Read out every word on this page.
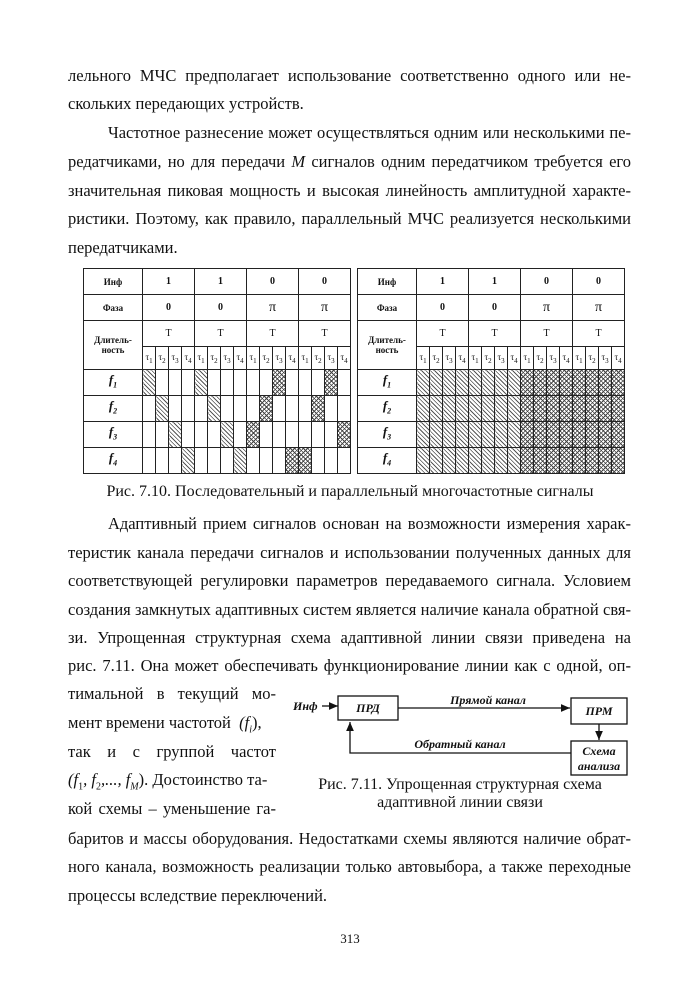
лельного МЧС предполагает использование соответственно одного или не-
скольких передающих устройств.
Частотное разнесение может осуществляться одним или несколькими пе-
редатчиками, но для передачи M сигналов одним передатчиком требуется его
значительная пиковая мощность и высокая линейность амплитудной характе-
ристики. Поэтому, как правило, параллельный МЧС реализуется несколькими
передатчиками.
Инф	1				1				0				0			
Фаза	0				0				π				π			
Длитель-ность	T				T				T				T			
	$\tau_1$	$\tau_2$	$\tau_3$	$\tau_4$	$\tau_1$	$\tau_2$	$\tau_3$	$\tau_4$	$\tau_1$	$\tau_2$	$\tau_3$	$\tau_4$	$\tau_1$	$\tau_2$	$\tau_3$	$\tau_4$
$f_1$																
$f_2$																
$f_3$																
$f_4$																
Инф	1				1				0				0			
Фаза	0				0				π				π			
Длитель-ность	T				T				T				T			
	$\tau_1$	$\tau_2$	$\tau_3$	$\tau_4$	$\tau_1$	$\tau_2$	$\tau_3$	$\tau_4$	$\tau_1$	$\tau_2$	$\tau_3$	$\tau_4$	$\tau_1$	$\tau_2$	$\tau_3$	$\tau_4$
$f_1$																
$f_2$																
$f_3$																
$f_4$																
Рис. 7.10. Последовательный и параллельный многочастотные сигналы
Адаптивный прием сигналов основан на возможности измерения харак-
теристик канала передачи сигналов и использовании полученных данных для
соответствующей регулировки параметров передаваемого сигнала. Условием
создания замкнутых адаптивных систем является наличие канала обратной свя-
зи. Упрощенная структурная схема адаптивной линии связи приведена на
рис. 7.11. Она может обеспечивать функционирование линии как с одной, оп-
тимальной в текущий мо-
мент времени частотой $(f_i)$,
так и с группой частот
($f_1$, $f_2$,..., $f_M$). Достоинство та-
кой схемы – уменьшение га-
Инф	ПРД
Прямой канал
ПРМ
Схема
анализа
Обратный канал
Рис. 7.11. Упрощенная структурная схема
адаптивной линии связи
баритов и массы оборудования. Недостатками схемы являются наличие обрат-
ного канала, возможность реализации только автовыбора, а также переходные
процессы вследствие переключений.
313
